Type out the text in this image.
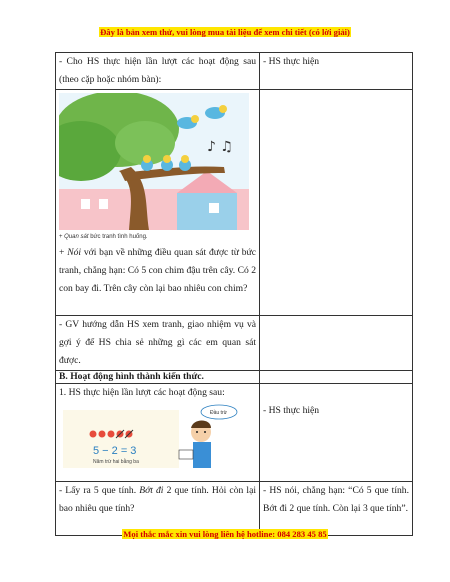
Đây là bản xem thử, vui lòng mua tài liệu để xem chi tiết (có lời giải)
- Cho HS thực hiện lần lượt các hoạt động sau (theo cặp hoặc nhóm bàn):	- HS thực hiện

♪ ♫
+ Quan sát bức tranh tình huống.
+ Nói với bạn về những điều quan sát được từ bức tranh, chẳng hạn: Có 5 con chim đậu trên cây. Có 2 con bay đi. Trên cây còn lại bao nhiêu con chim?	

- GV hướng dẫn HS xem tranh, giao nhiệm vụ và gợi ý để HS chia sẻ những gì các em quan sát được.	
B. Hoạt động hình thành kiến thức.	

1. HS thực hiện lần lượt các hoạt động sau:
5 − 2 = 3
Năm trừ hai bằng ba
Đầu trừ	- HS thực hiện

- Lấy ra 5 que tính. Bớt đi 2 que tính. Hỏi còn lại bao nhiêu que tính?	- HS nói, chẳng hạn: “Có 5 que tính. Bớt đi 2 que tính. Còn lại 3 que tính”.
Mọi thắc mắc xin vui lòng liên hệ hotline: 084 283 45 85
